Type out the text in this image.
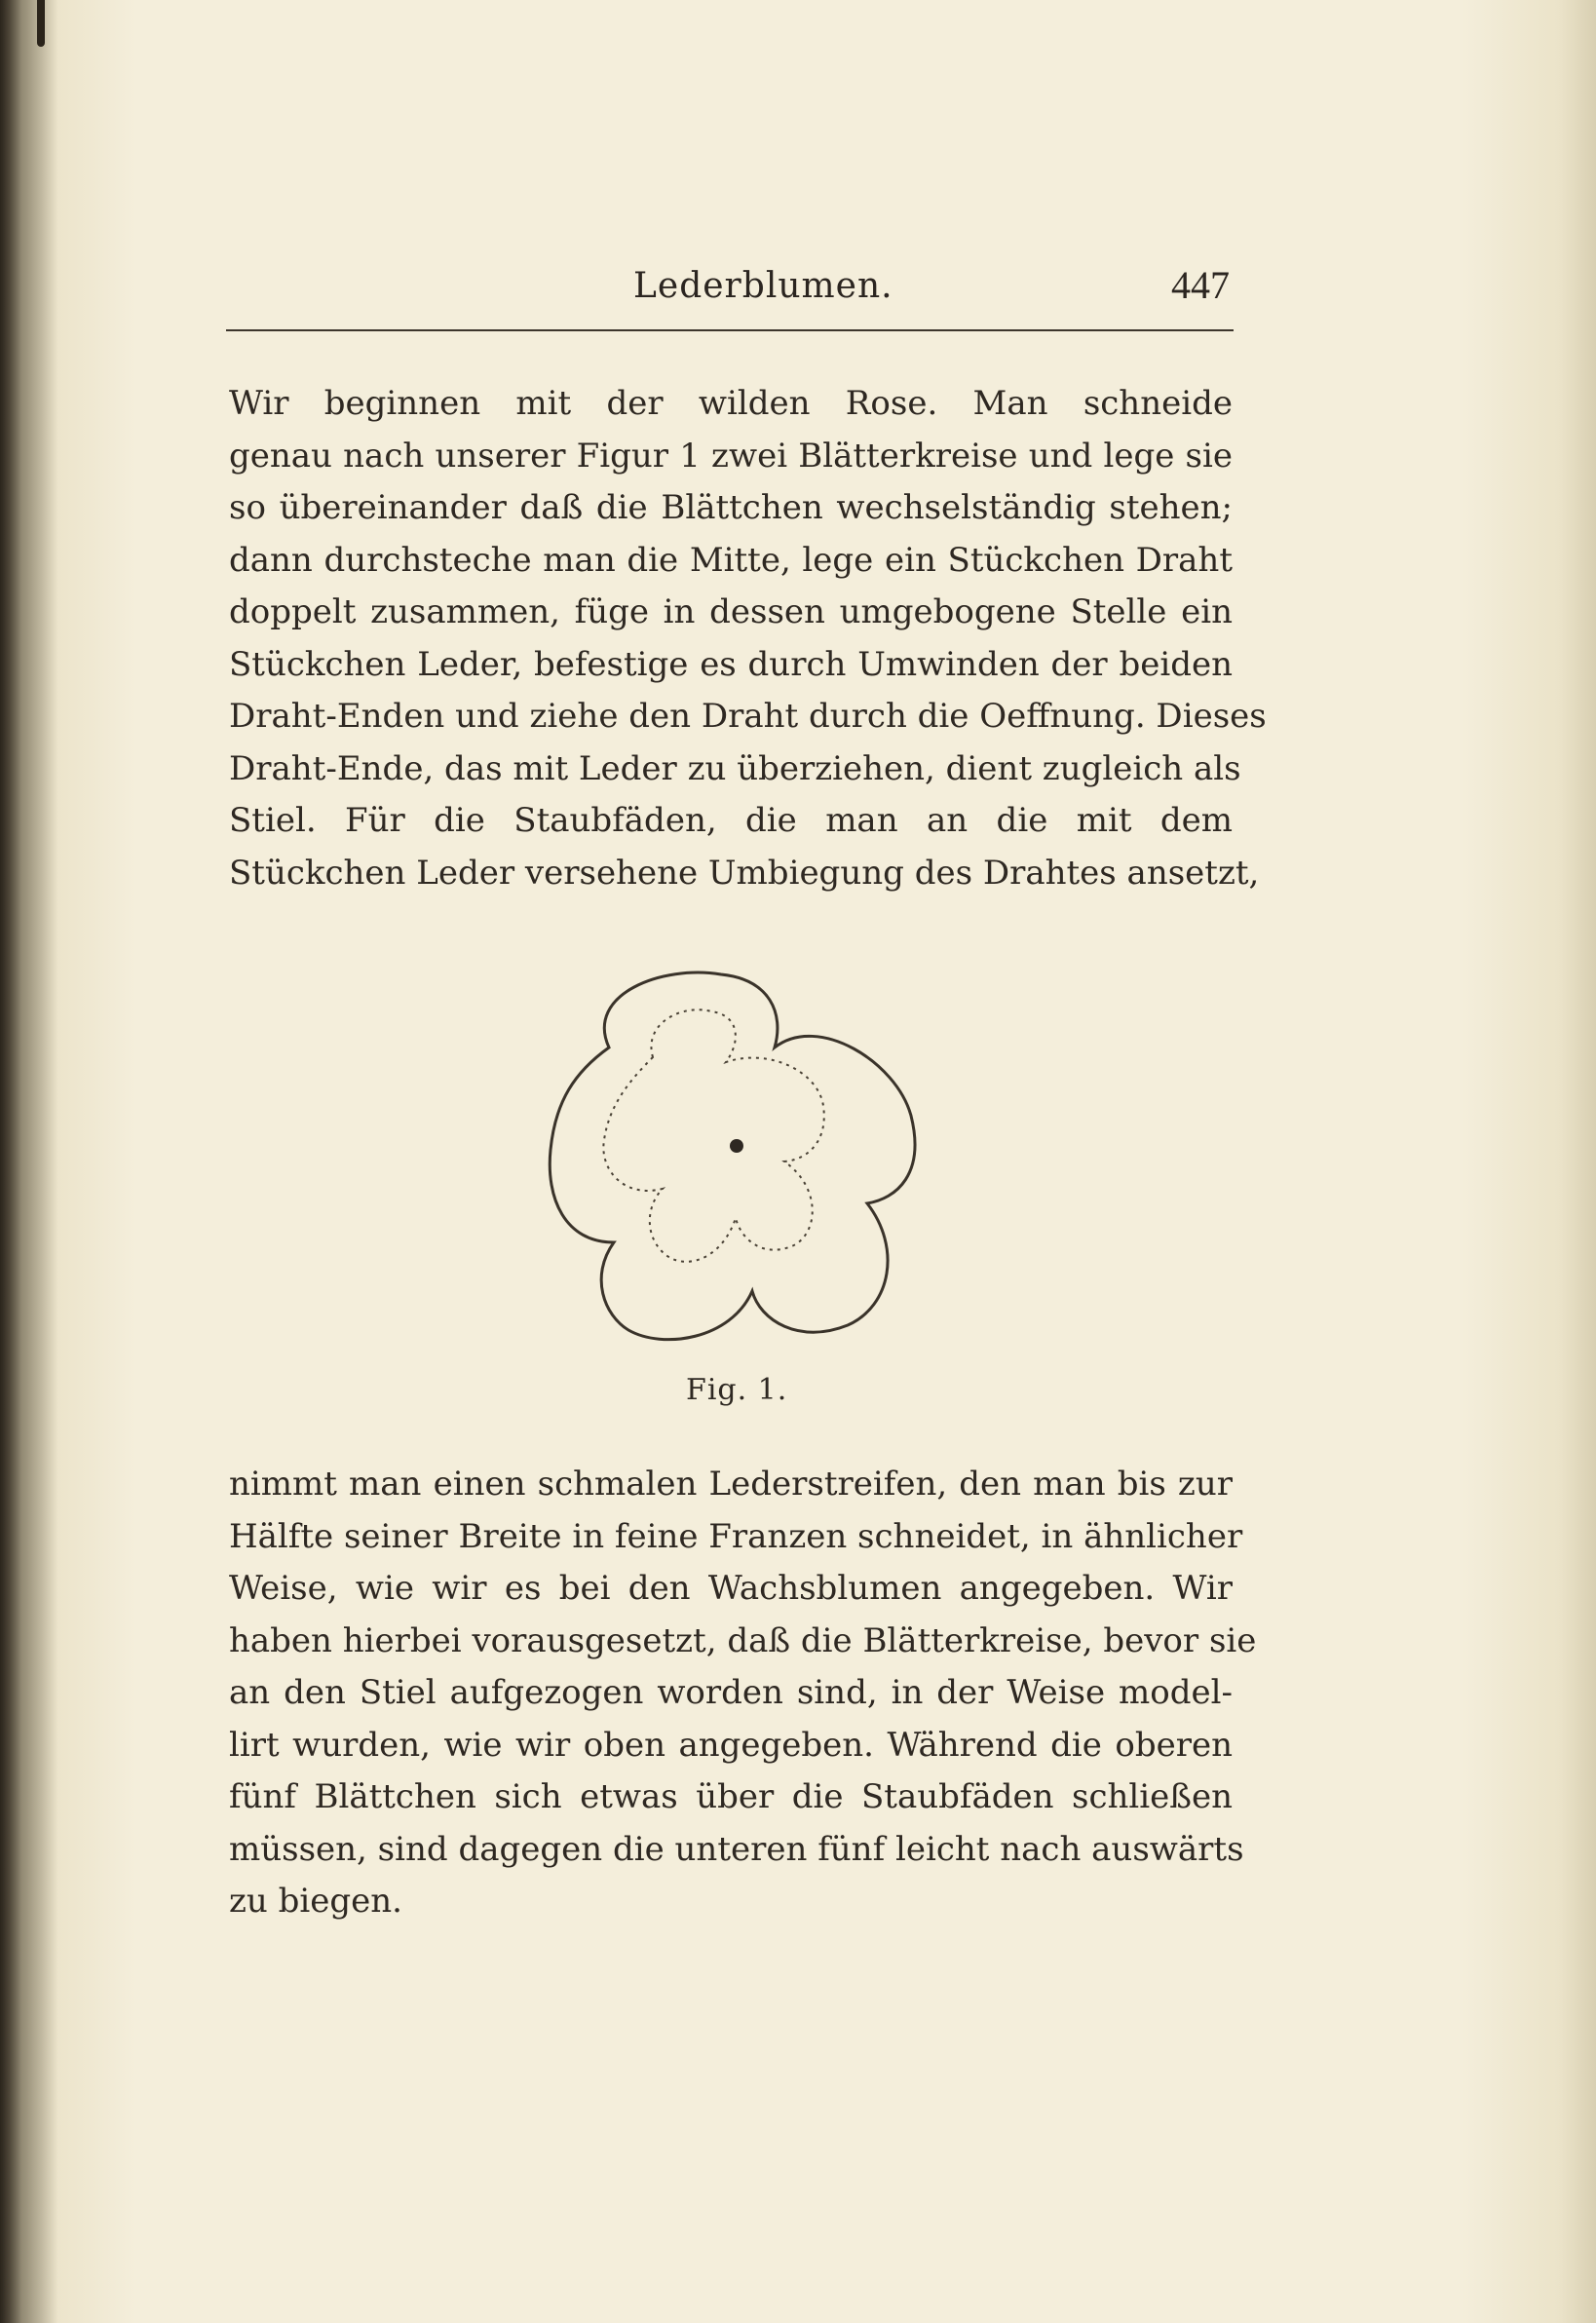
Lederblumen.	447
Wir beginnen mit der wilden Rose. Man schneide
genau nach unserer Figur 1 zwei Blätterkreise und lege sie
so übereinander daß die Blättchen wechselständig stehen;
dann durchsteche man die Mitte, lege ein Stückchen Draht
doppelt zusammen, füge in dessen umgebogene Stelle ein
Stückchen Leder, befestige es durch Umwinden der beiden
Draht-Enden und ziehe den Draht durch die Oeffnung. Dieses
Draht-Ende, das mit Leder zu überziehen, dient zugleich als
Stiel. Für die Staubfäden, die man an die mit dem
Stückchen Leder versehene Umbiegung des Drahtes ansetzt,
Fig. 1.
nimmt man einen schmalen Lederstreifen, den man bis zur
Hälfte seiner Breite in feine Franzen schneidet, in ähnlicher
Weise, wie wir es bei den Wachsblumen angegeben. Wir
haben hierbei vorausgesetzt, daß die Blätterkreise, bevor sie
an den Stiel aufgezogen worden sind, in der Weise model-
lirt wurden, wie wir oben angegeben. Während die oberen
fünf Blättchen sich etwas über die Staubfäden schließen
müssen, sind dagegen die unteren fünf leicht nach auswärts
zu biegen.
